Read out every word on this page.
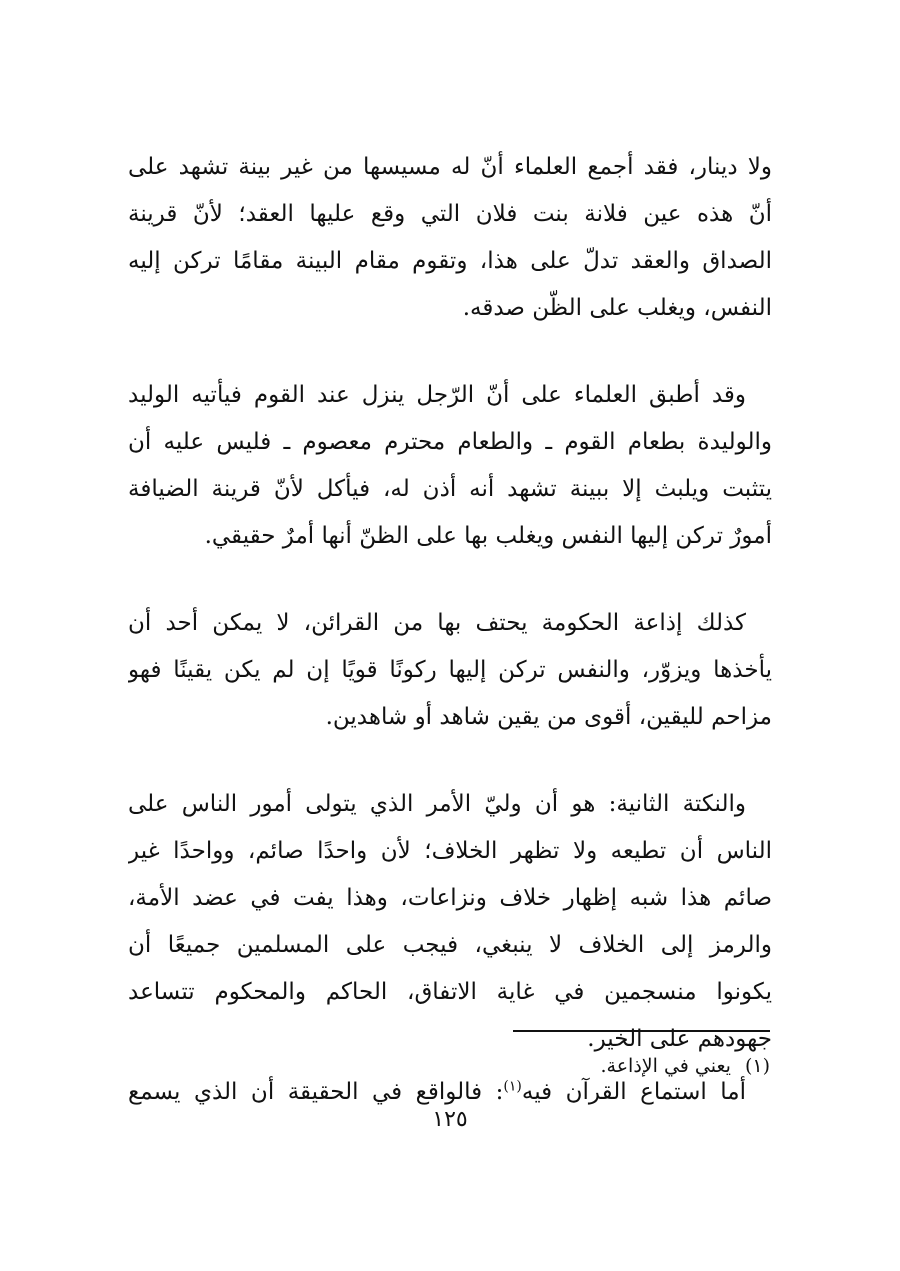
ولا دينار، فقد أجمع العلماء أنّ له مسيسها من غير بينة تشهد على
أنّ هذه عين فلانة بنت فلان التي وقع عليها العقد؛ لأنّ قرينة
الصداق والعقد تدلّ على هذا، وتقوم مقام البينة مقامًا تركن إليه
النفس، ويغلب على الظّن صدقه.
وقد أطبق العلماء على أنّ الرّجل ينزل عند القوم فيأتيه الوليد
والوليدة بطعام القوم ـ والطعام محترم معصوم ـ فليس عليه أن
يتثبت ويلبث إلا ببينة تشهد أنه أذن له، فيأكل لأنّ قرينة الضيافة
أمورٌ تركن إليها النفس ويغلب بها على الظنّ أنها أمرٌ حقيقي.
كذلك إذاعة الحكومة يحتف بها من القرائن، لا يمكن أحد أن
يأخذها ويزوّر، والنفس تركن إليها ركونًا قويًا إن لم يكن يقينًا فهو
مزاحم لليقين، أقوى من يقين شاهد أو شاهدين.
والنكتة الثانية: هو أن وليّ الأمر الذي يتولى أمور الناس على
الناس أن تطيعه ولا تظهر الخلاف؛ لأن واحدًا صائم، وواحدًا غير
صائم هذا شبه إظهار خلاف ونزاعات، وهذا يفت في عضد الأمة،
والرمز إلى الخلاف لا ينبغي، فيجب على المسلمين جميعًا أن
يكونوا منسجمين في غاية الاتفاق، الحاكم والمحكوم تتساعد
جهودهم على الخير.
أما استماع القرآن فيه$^{(١)}$: فالواقع في الحقيقة أن الذي يسمع
(١)يعني في الإذاعة.
١٢٥
